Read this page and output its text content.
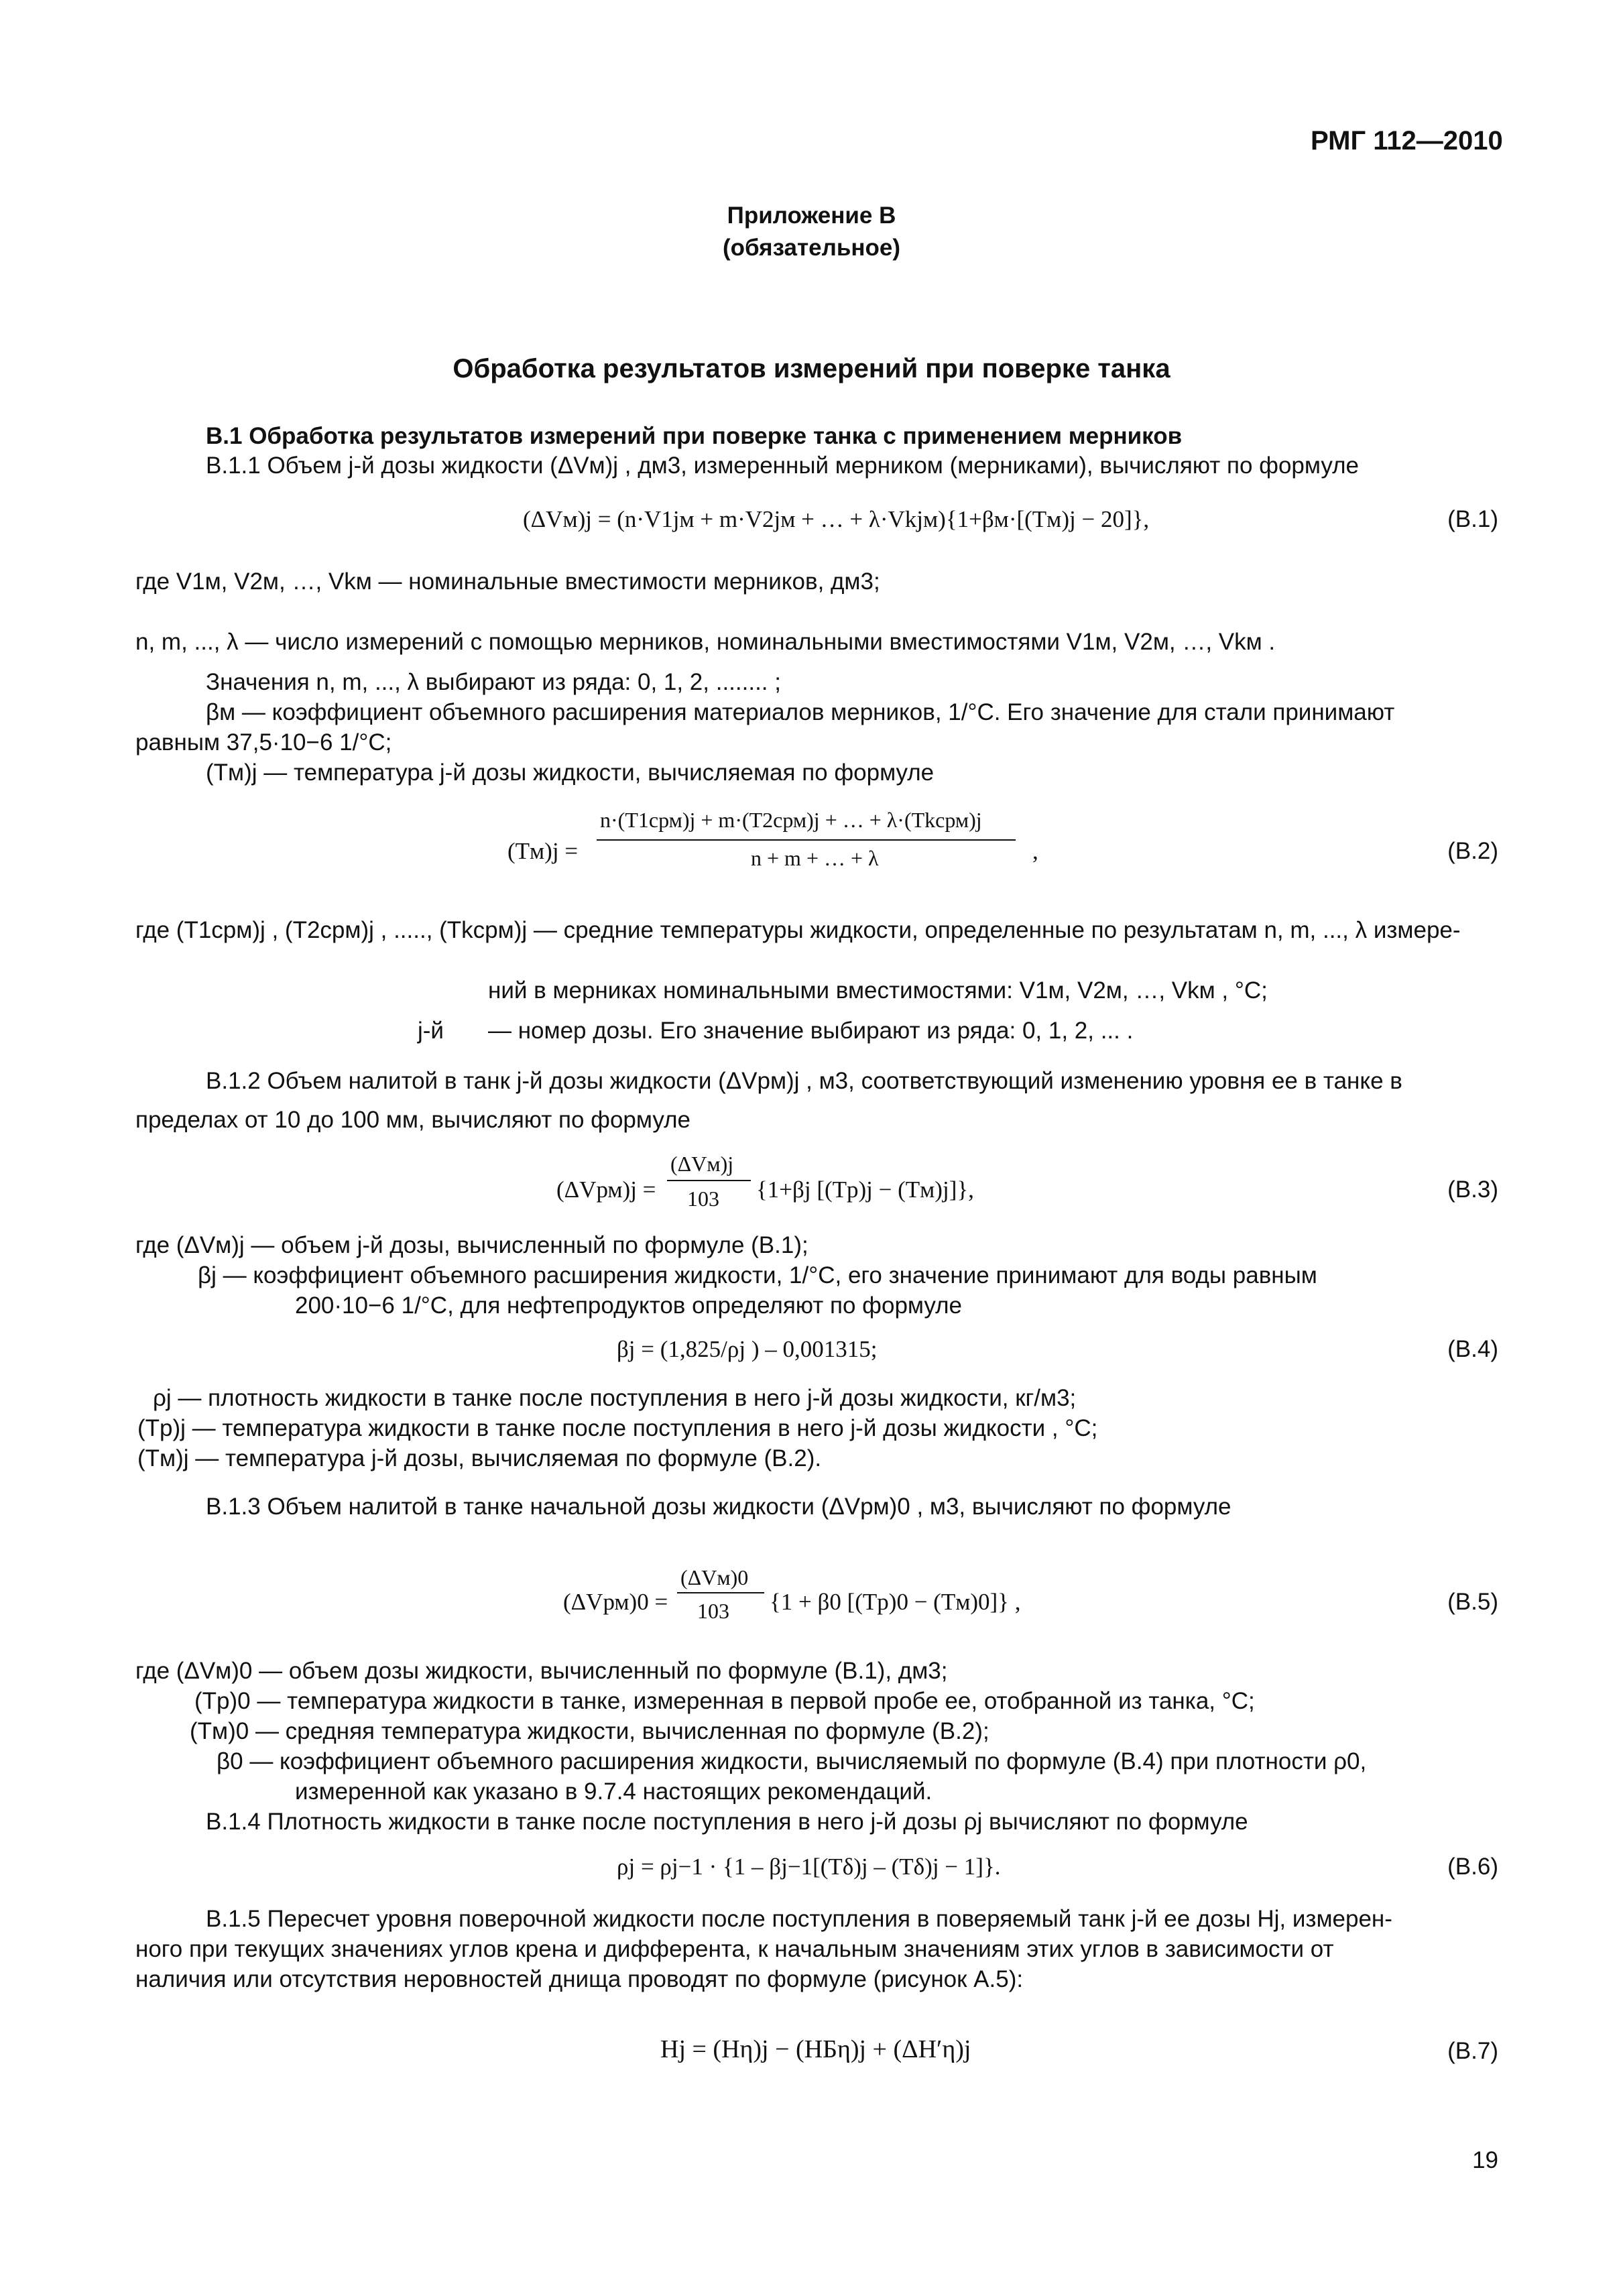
РМГ 112—2010
Приложение В
(обязательное)
Обработка результатов измерений при поверке танка
В.1 Обработка результатов измерений при поверке танка с применением мерников
В.1.1 Объем j-й дозы жидкости (ΔVм)j , дм3, измеренный мерником (мерниками), вычисляют по формуле
(ΔVм)j = (n·V1jм + m·V2jм + … + λ·Vkjм){1+βм·[(Tм)j − 20]},	(В.1)
где V1м, V2м, …, Vkм — номинальные вместимости мерников, дм3;
n, m, ..., λ — число измерений с помощью мерников, номинальными вместимостями V1м, V2м, …, Vkм .
Значения n, m, ..., λ выбирают из ряда: 0, 1, 2, ........ ;
βм — коэффициент объемного расширения материалов мерников, 1/°C. Его значение для стали принимают
равным 37,5·10−6 1/°C;
(Tм)j — температура j-й дозы жидкости, вычисляемая по формуле
(Tм)j =
n·(T1срм)j + m·(T2срм)j + … + λ·(Tkсрм)j
n + m + … + λ	,	(В.2)
где (T1срм)j , (T2срм)j , ....., (Tkсрм)j — средние температуры жидкости, определенные по результатам n, m, ..., λ измере-
ний в мерниках номинальными вместимостями: V1м, V2м, …, Vkм , °C;
j-й — номер дозы. Его значение выбирают из ряда: 0, 1, 2, ... .
В.1.2 Объем налитой в танк j-й дозы жидкости (ΔVрм)j , м3, соответствующий изменению уровня ее в танке в
пределах от 10 до 100 мм, вычисляют по формуле
(ΔVрм)j =
(ΔVм)j
103 {1+βj [(Tр)j − (Tм)j]},	(В.3)
где (ΔVм)j — объем j-й дозы, вычисленный по формуле (В.1);
βj — коэффициент объемного расширения жидкости, 1/°C, его значение принимают для воды равным
200·10−6 1/°C, для нефтепродуктов определяют по формуле
βj = (1,825/ρj ) – 0,001315;	(В.4)
ρj — плотность жидкости в танке после поступления в него j-й дозы жидкости, кг/м3;
(Tр)j — температура жидкости в танке после поступления в него j-й дозы жидкости , °C;
(Tм)j — температура j-й дозы, вычисляемая по формуле (В.2).
В.1.3 Объем налитой в танке начальной дозы жидкости (ΔVрм)0 , м3, вычисляют по формуле
(ΔVрм)0 =
(ΔVм)0
103 {1 + β0 [(Tр)0 − (Tм)0]} ,	(В.5)
где (ΔVм)0 — объем дозы жидкости, вычисленный по формуле (В.1), дм3;
(Tр)0 — температура жидкости в танке, измеренная в первой пробе ее, отобранной из танка, °C;
(Tм)0 — средняя температура жидкости, вычисленная по формуле (В.2);
β0 — коэффициент объемного расширения жидкости, вычисляемый по формуле (В.4) при плотности ρ0,
измеренной как указано в 9.7.4 настоящих рекомендаций.
В.1.4 Плотность жидкости в танке после поступления в него j-й дозы ρj вычисляют по формуле
ρj = ρj−1 · {1 – βj−1[(Tδ)j – (Tδ)j − 1]}.	(В.6)
В.1.5 Пересчет уровня поверочной жидкости после поступления в поверяемый танк j-й ее дозы Hj, измерен-
ного при текущих значениях углов крена и дифферента, к начальным значениям этих углов в зависимости от
наличия или отсутствия неровностей днища проводят по формуле (рисунок А.5):
Hj = (Hη)j − (HБη)j + (ΔH′η)j	(В.7)
19
